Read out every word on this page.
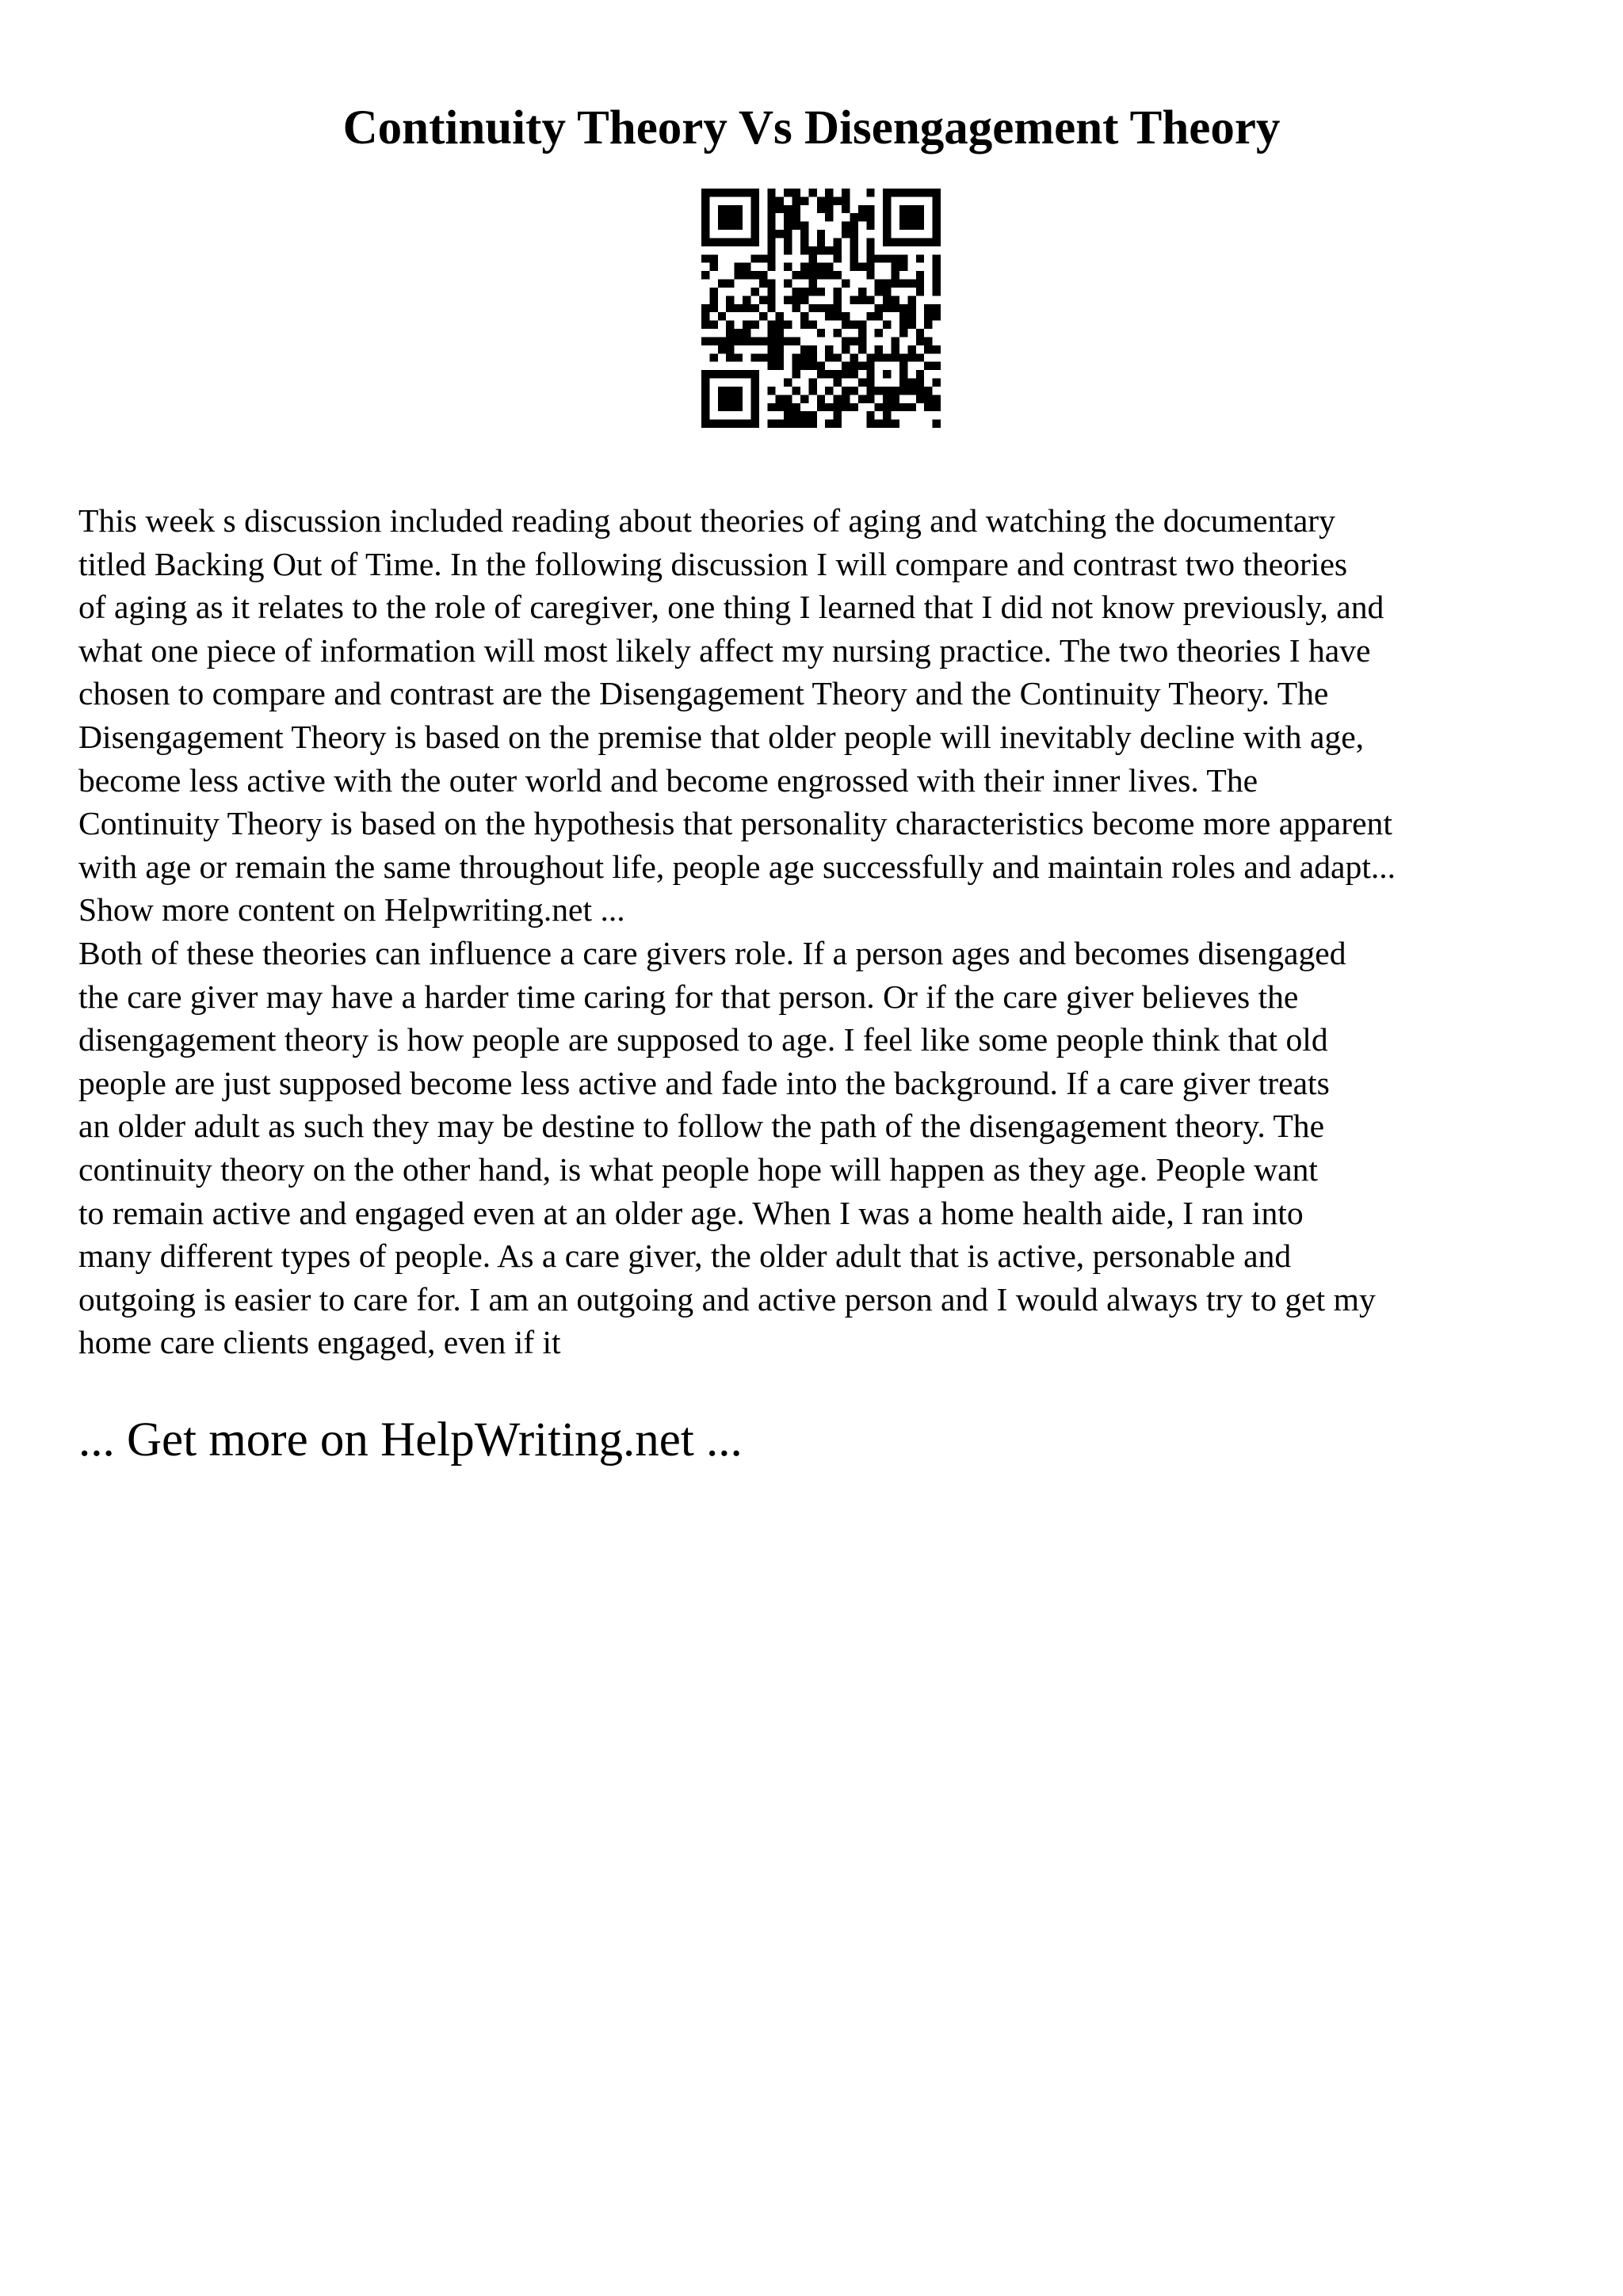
Continuity Theory Vs Disengagement Theory
This week s discussion included reading about theories of aging and watching the documentary
titled Backing Out of Time. In the following discussion I will compare and contrast two theories
of aging as it relates to the role of caregiver, one thing I learned that I did not know previously, and
what one piece of information will most likely affect my nursing practice. The two theories I have
chosen to compare and contrast are the Disengagement Theory and the Continuity Theory. The
Disengagement Theory is based on the premise that older people will inevitably decline with age,
become less active with the outer world and become engrossed with their inner lives. The
Continuity Theory is based on the hypothesis that personality characteristics become more apparent
with age or remain the same throughout life, people age successfully and maintain roles and adapt...
Show more content on Helpwriting.net ...
Both of these theories can influence a care givers role. If a person ages and becomes disengaged
the care giver may have a harder time caring for that person. Or if the care giver believes the
disengagement theory is how people are supposed to age. I feel like some people think that old
people are just supposed become less active and fade into the background. If a care giver treats
an older adult as such they may be destine to follow the path of the disengagement theory. The
continuity theory on the other hand, is what people hope will happen as they age. People want
to remain active and engaged even at an older age. When I was a home health aide, I ran into
many different types of people. As a care giver, the older adult that is active, personable and
outgoing is easier to care for. I am an outgoing and active person and I would always try to get my
home care clients engaged, even if it
... Get more on HelpWriting.net ...
